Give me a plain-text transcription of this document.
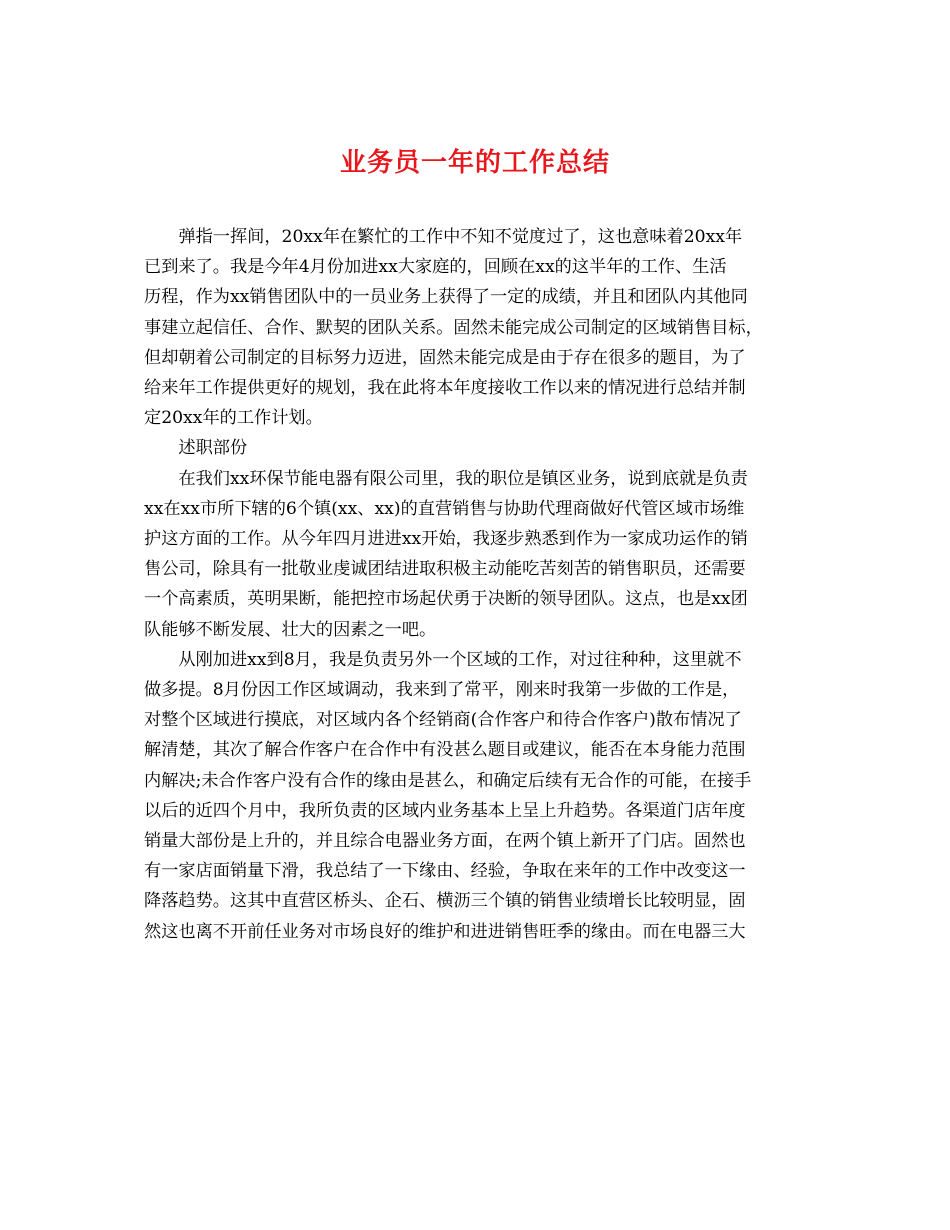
业务员一年的工作总结
弹指一挥间，20xx年在繁忙的工作中不知不觉度过了，这也意味着20xx年
已到来了。我是今年4月份加进xx大家庭的，回顾在xx的这半年的工作、生活
历程，作为xx销售团队中的一员业务上获得了一定的成绩，并且和团队内其他同
事建立起信任、合作、默契的团队关系。固然未能完成公司制定的区域销售目标，
但却朝着公司制定的目标努力迈进，固然未能完成是由于存在很多的题目，为了
给来年工作提供更好的规划，我在此将本年度接收工作以来的情况进行总结并制
定20xx年的工作计划。
述职部份
在我们xx环保节能电器有限公司里，我的职位是镇区业务，说到底就是负责
xx在xx市所下辖的6个镇(xx、xx)的直营销售与协助代理商做好代管区域市场维
护这方面的工作。从今年四月进进xx开始，我逐步熟悉到作为一家成功运作的销
售公司，除具有一批敬业虔诚团结进取积极主动能吃苦刻苦的销售职员，还需要
一个高素质，英明果断，能把控市场起伏勇于决断的领导团队。这点，也是xx团
队能够不断发展、壮大的因素之一吧。
从刚加进xx到8月，我是负责另外一个区域的工作，对过往种种，这里就不
做多提。8月份因工作区域调动，我来到了常平，刚来时我第一步做的工作是，
对整个区域进行摸底，对区域内各个经销商(合作客户和待合作客户)散布情况了
解清楚，其次了解合作客户在合作中有没甚么题目或建议，能否在本身能力范围
内解决;未合作客户没有合作的缘由是甚么，和确定后续有无合作的可能，在接手
以后的近四个月中，我所负责的区域内业务基本上呈上升趋势。各渠道门店年度
销量大部份是上升的，并且综合电器业务方面，在两个镇上新开了门店。固然也
有一家店面销量下滑，我总结了一下缘由、经验，争取在来年的工作中改变这一
降落趋势。这其中直营区桥头、企石、横沥三个镇的销售业绩增长比较明显，固
然这也离不开前任业务对市场良好的维护和进进销售旺季的缘由。而在电器三大
